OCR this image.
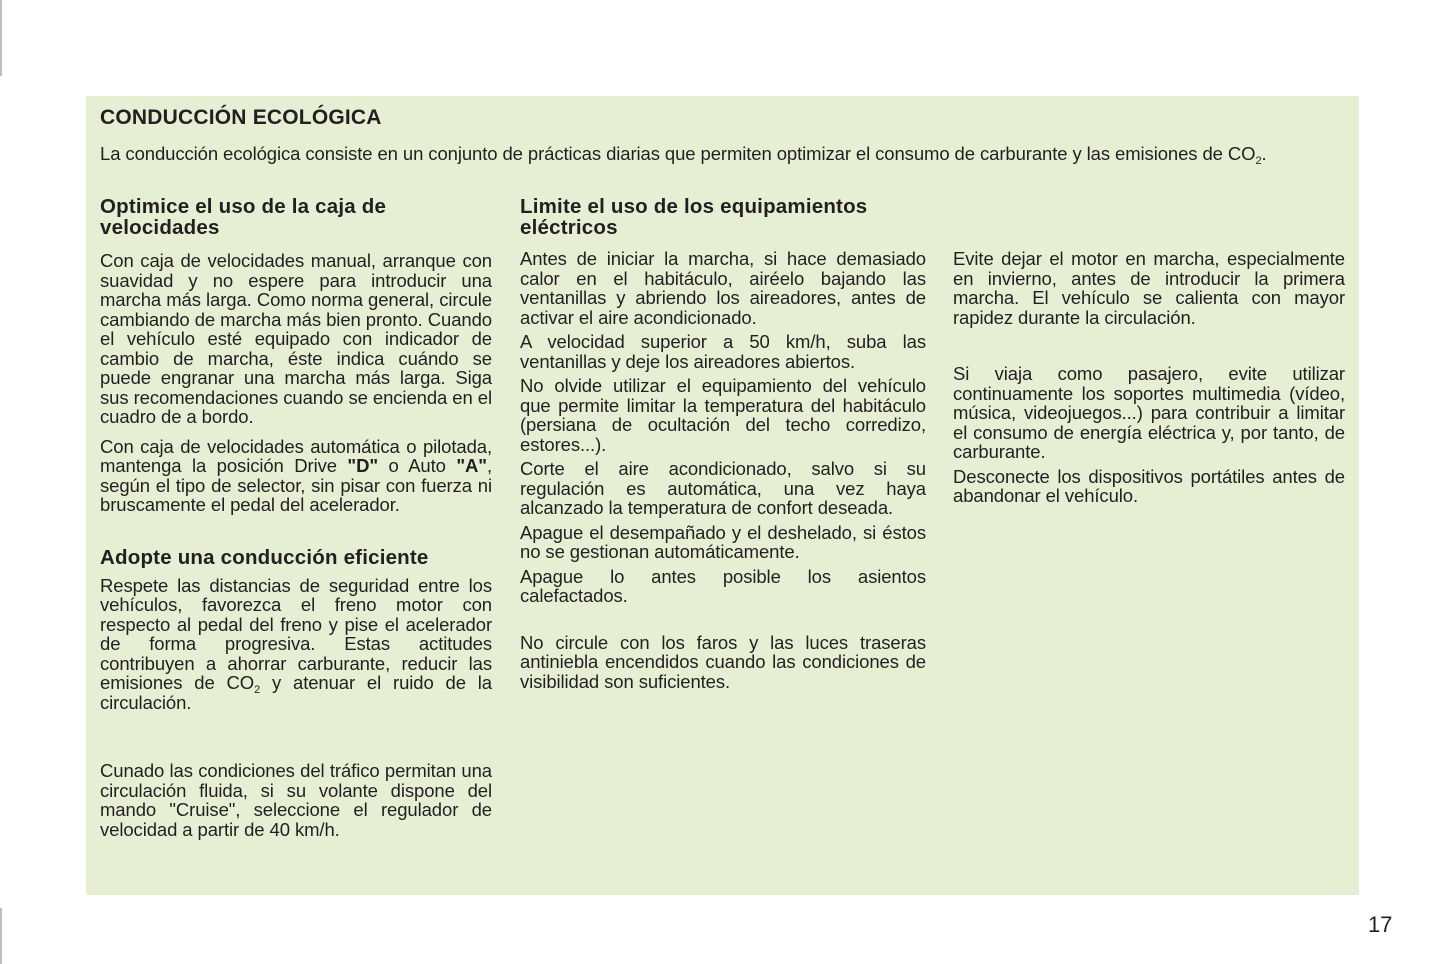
CONDUCCIÓN ECOLÓGICA

La conducción ecológica consiste en un conjunto de prácticas diarias que permiten optimizar el consumo de carburante y las emisiones de $CO_2$.

Optimice el uso de la caja de velocidades

Con caja de velocidades manual, arranque con suavidad y no espere para introducir una marcha más larga. Como norma general, circule cambiando de marcha más bien pronto. Cuando el vehículo esté equipado con indicador de cambio de marcha, éste indica cuándo se puede engranar una marcha más larga. Siga sus recomendaciones cuando se encienda en el cuadro de a bordo.

Con caja de velocidades automática o pilotada, mantenga la posición Drive "D" o Auto "A", según el tipo de selector, sin pisar con fuerza ni bruscamente el pedal del acelerador.

Adopte una conducción eficiente

Respete las distancias de seguridad entre los vehículos, favorezca el freno motor con respecto al pedal del freno y pise el acelerador de forma progresiva. Estas actitudes contribuyen a ahorrar carburante, reducir las emisiones de $CO_2$ y atenuar el ruido de la circulación.

Cunado las condiciones del tráfico permitan una circulación fluida, si su volante dispone del mando "Cruise", seleccione el regulador de velocidad a partir de 40 km/h.

Limite el uso de los equipamientos eléctricos

Antes de iniciar la marcha, si hace demasiado calor en el habitáculo, airéelo bajando las ventanillas y abriendo los aireadores, antes de activar el aire acondicionado.

A velocidad superior a 50 km/h, suba las ventanillas y deje los aireadores abiertos.

No olvide utilizar el equipamiento del vehículo que permite limitar la temperatura del habitáculo (persiana de ocultación del techo corredizo, estores...).

Corte el aire acondicionado, salvo si su regulación es automática, una vez haya alcanzado la temperatura de confort deseada.

Apague el desempañado y el deshelado, si éstos no se gestionan automáticamente.

Apague lo antes posible los asientos calefactados.

No circule con los faros y las luces traseras antiniebla encendidos cuando las condiciones de visibilidad son suficientes.

Evite dejar el motor en marcha, especialmente en invierno, antes de introducir la primera marcha. El vehículo se calienta con mayor rapidez durante la circulación.

Si viaja como pasajero, evite utilizar continuamente los soportes multimedia (vídeo, música, videojuegos...) para contribuir a limitar el consumo de energía eléctrica y, por tanto, de carburante.

Desconecte los dispositivos portátiles antes de abandonar el vehículo.

17
